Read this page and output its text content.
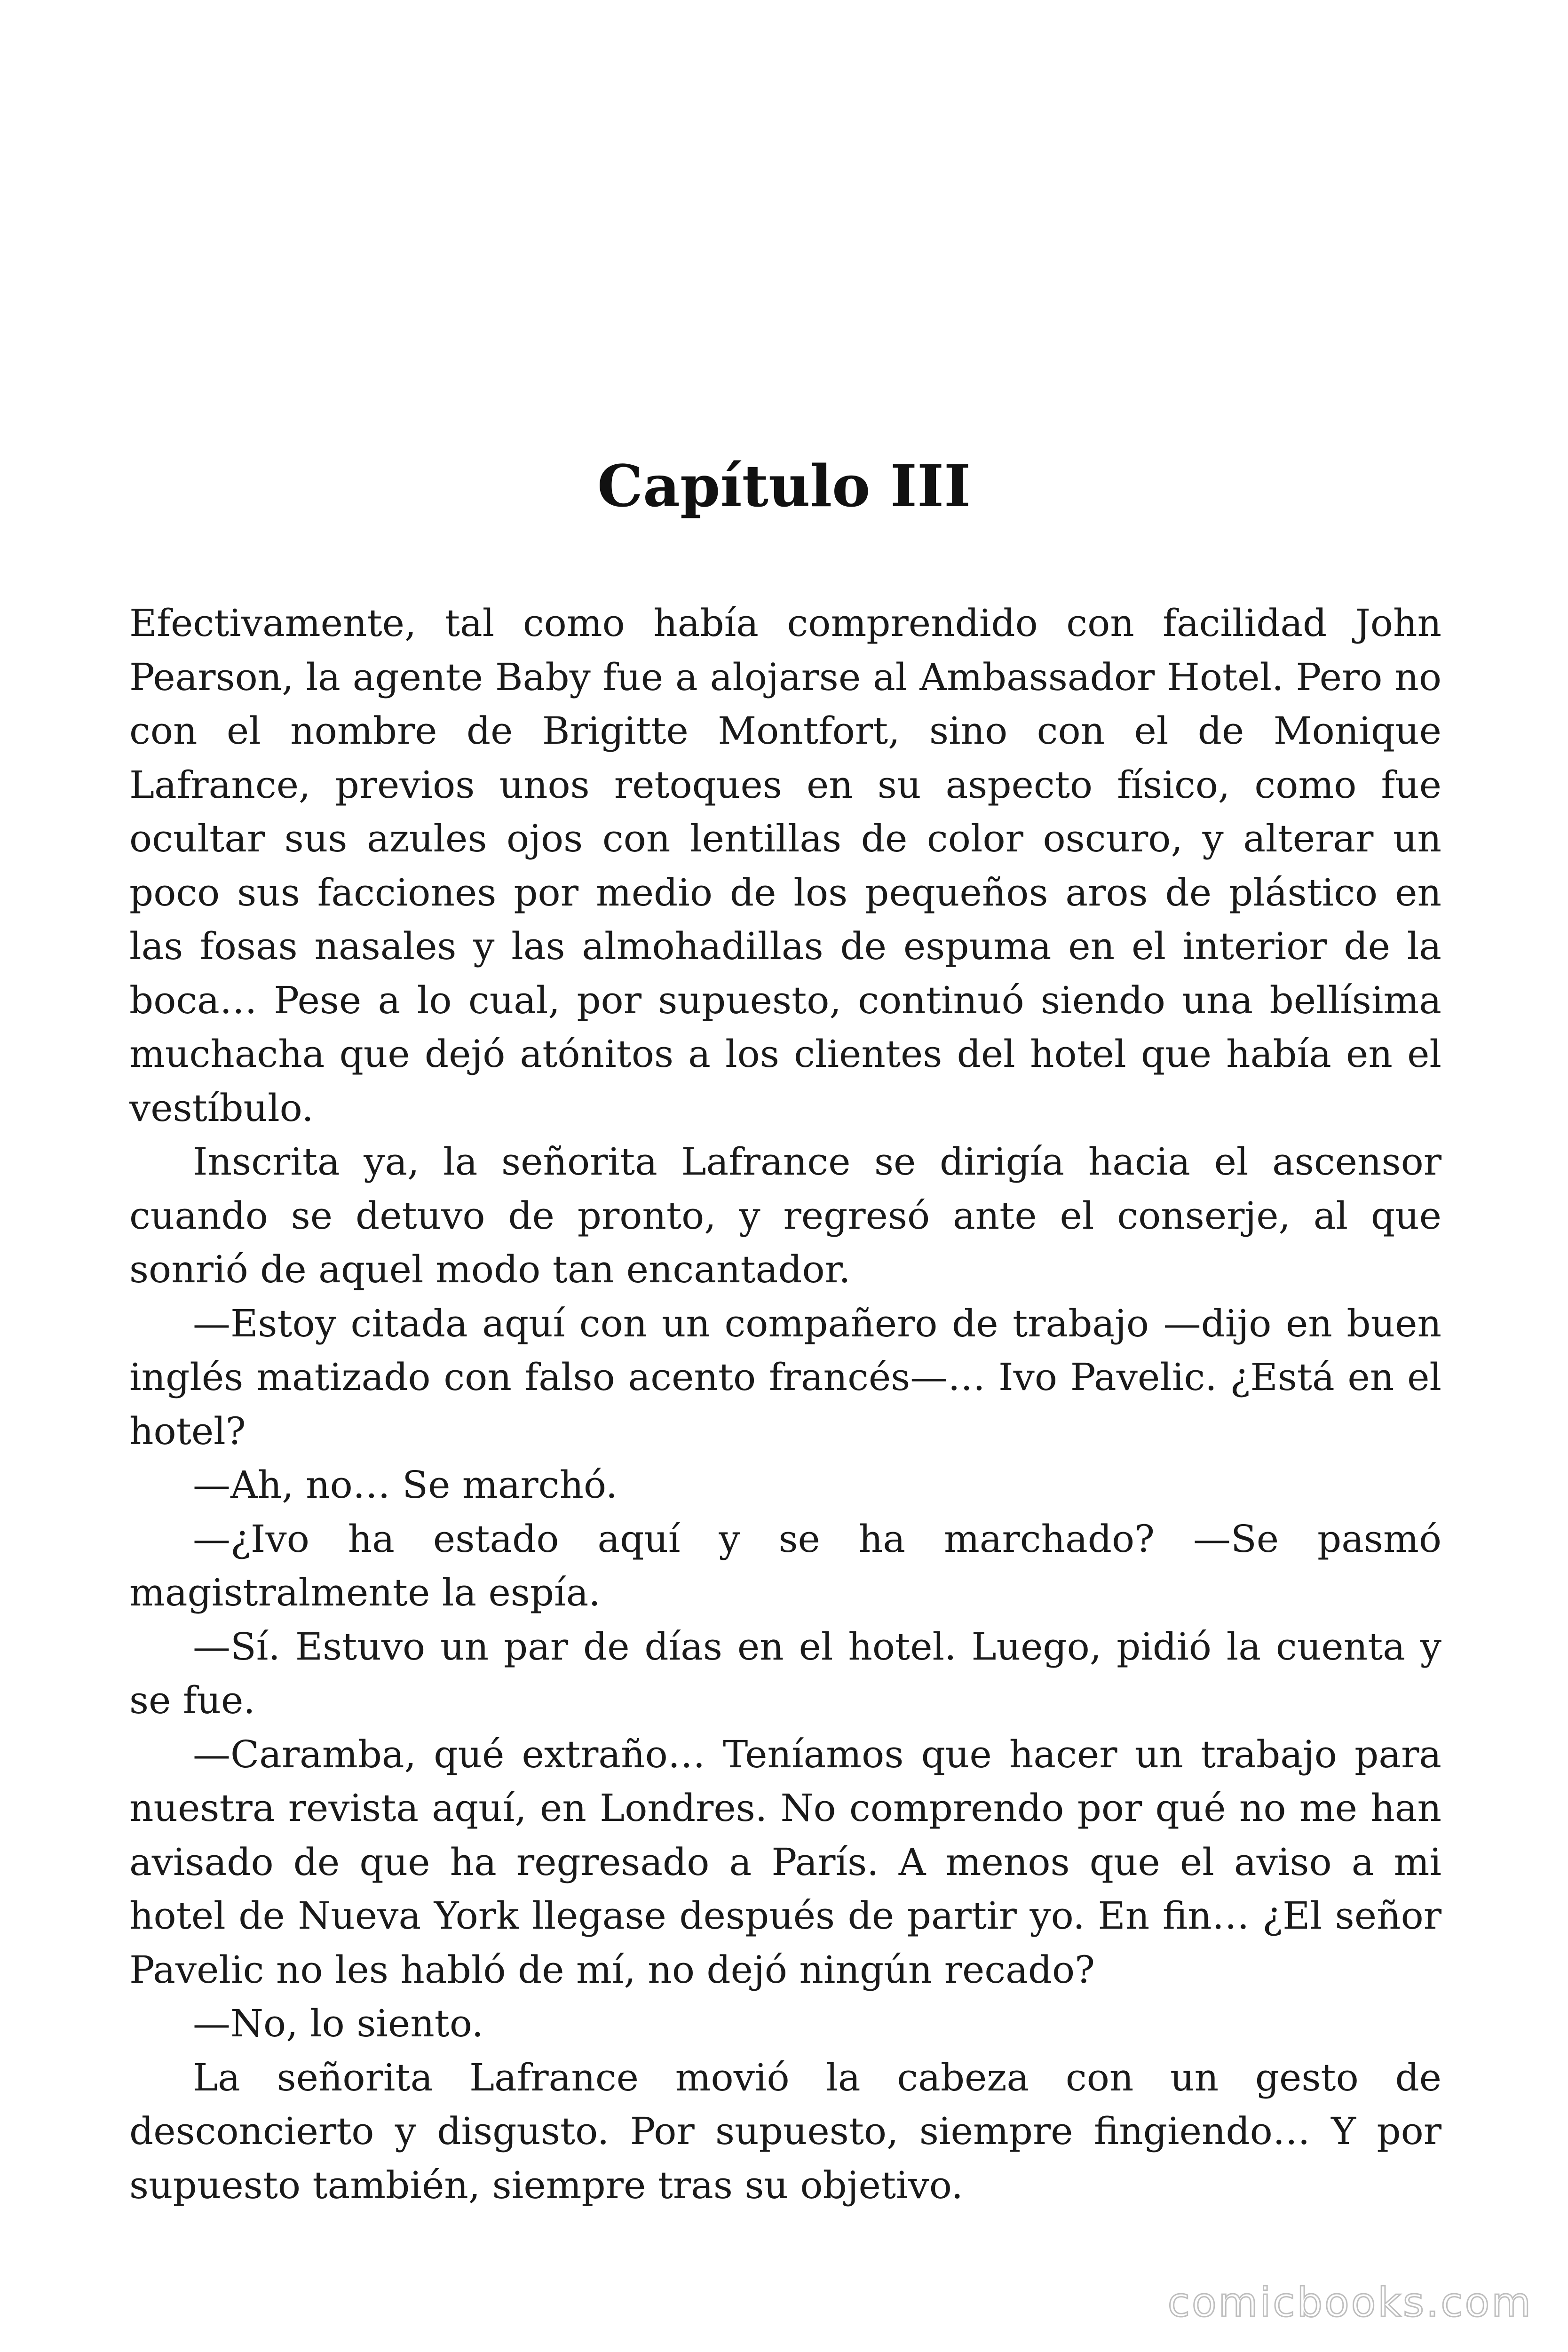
Capítulo III

Efectivamente, tal como había comprendido con facilidad John Pearson, la agente Baby fue a alojarse al Ambassador Hotel. Pero no con el nombre de Brigitte Montfort, sino con el de Monique Lafrance, previos unos retoques en su aspecto físico, como fue ocultar sus azules ojos con lentillas de color oscuro, y alterar un poco sus facciones por medio de los pequeños aros de plástico en las fosas nasales y las almohadillas de espuma en el interior de la boca… Pese a lo cual, por supuesto, continuó siendo una bellísima muchacha que dejó atónitos a los clientes del hotel que había en el vestíbulo.

Inscrita ya, la señorita Lafrance se dirigía hacia el ascensor cuando se detuvo de pronto, y regresó ante el conserje, al que sonrió de aquel modo tan encantador.

—Estoy citada aquí con un compañero de trabajo —dijo en buen inglés matizado con falso acento francés—… Ivo Pavelic. ¿Está en el hotel?

—Ah, no… Se marchó.

—¿Ivo ha estado aquí y se ha marchado? —Se pasmó magistralmente la espía.

—Sí. Estuvo un par de días en el hotel. Luego, pidió la cuenta y se fue.

—Caramba, qué extraño… Teníamos que hacer un trabajo para nuestra revista aquí, en Londres. No comprendo por qué no me han avisado de que ha regresado a París. A menos que el aviso a mi hotel de Nueva York llegase después de partir yo. En fin… ¿El señor Pavelic no les habló de mí, no dejó ningún recado?

—No, lo siento.

La señorita Lafrance movió la cabeza con un gesto de desconcierto y disgusto. Por supuesto, siempre fingiendo… Y por supuesto también, siempre tras su objetivo.

comicbooks.com
